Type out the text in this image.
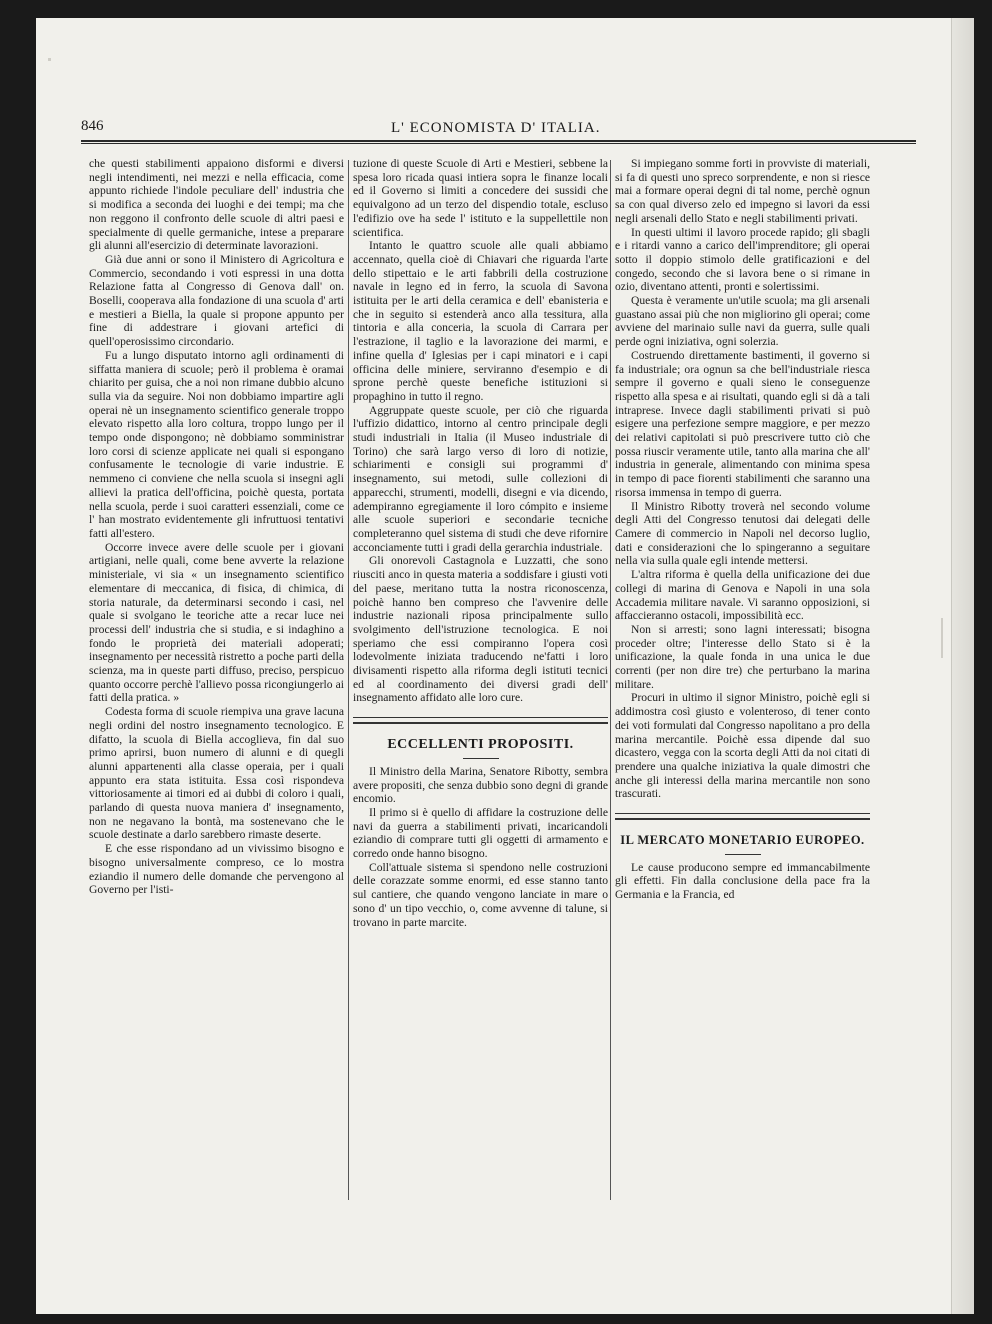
846	L' ECONOMISTA D' ITALIA.

che questi stabilimenti appaiono disformi e diversi negli intendimenti, nei mezzi e nella efficacia, come appunto richiede l'indole peculiare dell' industria che si modifica a seconda dei luoghi e dei tempi; ma che non reggono il confronto delle scuole di altri paesi e specialmente di quelle germaniche, intese a preparare gli alunni all'esercizio di determinate lavorazioni.

Già due anni or sono il Ministero di Agricoltura e Commercio, secondando i voti espressi in una dotta Relazione fatta al Congresso di Genova dall' on. Boselli, cooperava alla fondazione di una scuola d' arti e mestieri a Biella, la quale si propone appunto per fine di addestrare i giovani artefici di quell'operosissimo circondario.

Fu a lungo disputato intorno agli ordinamenti di siffatta maniera di scuole; però il problema è oramai chiarito per guisa, che a noi non rimane dubbio alcuno sulla via da seguire. Noi non dobbiamo impartire agli operai nè un insegnamento scientifico generale troppo elevato rispetto alla loro coltura, troppo lungo per il tempo onde dispongono; nè dobbiamo somministrar loro corsi di scienze applicate nei quali si espongano confusamente le tecnologie di varie industrie. E nemmeno ci conviene che nella scuola si insegni agli allievi la pratica dell'officina, poichè questa, portata nella scuola, perde i suoi caratteri essenziali, come ce l' han mostrato evidentemente gli infruttuosi tentativi fatti all'estero.

Occorre invece avere delle scuole per i giovani artigiani, nelle quali, come bene avverte la relazione ministeriale, vi sia « un insegnamento scientifico elementare di meccanica, di fisica, di chimica, di storia naturale, da determinarsi secondo i casi, nel quale si svolgano le teoriche atte a recar luce nei processi dell' industria che si studia, e si indaghino a fondo le proprietà dei materiali adoperati; insegnamento per necessità ristretto a poche parti della scienza, ma in queste parti diffuso, preciso, perspicuo quanto occorre perchè l'allievo possa ricongiungerlo ai fatti della pratica. »

Codesta forma di scuole riempiva una grave lacuna negli ordini del nostro insegnamento tecnologico. E difatto, la scuola di Biella accoglieva, fin dal suo primo aprirsi, buon numero di alunni e di quegli alunni appartenenti alla classe operaia, per i quali appunto era stata istituita. Essa così rispondeva vittoriosamente ai timori ed ai dubbi di coloro i quali, parlando di questa nuova maniera d' insegnamento, non ne negavano la bontà, ma sostenevano che le scuole destinate a darlo sarebbero rimaste deserte.

E che esse rispondano ad un vivissimo bisogno e bisogno universalmente compreso, ce lo mostra eziandio il numero delle domande che pervengono al Governo per l'isti-

tuzione di queste Scuole di Arti e Mestieri, sebbene la spesa loro ricada quasi intiera sopra le finanze locali ed il Governo si limiti a concedere dei sussidi che equivalgono ad un terzo del dispendio totale, escluso l'edifizio ove ha sede l' istituto e la suppellettile non scientifica.

Intanto le quattro scuole alle quali abbiamo accennato, quella cioè di Chiavari che riguarda l'arte dello stipettaio e le arti fabbrili della costruzione navale in legno ed in ferro, la scuola di Savona istituita per le arti della ceramica e dell' ebanisteria e che in seguito si estenderà anco alla tessitura, alla tintoria e alla conceria, la scuola di Carrara per l'estrazione, il taglio e la lavorazione dei marmi, e infine quella d' Iglesias per i capi minatori e i capi officina delle miniere, serviranno d'esempio e di sprone perchè queste benefiche istituzioni si propaghino in tutto il regno.

Aggruppate queste scuole, per ciò che riguarda l'uffizio didattico, intorno al centro principale degli studi industriali in Italia (il Museo industriale di Torino) che sarà largo verso di loro di notizie, schiarimenti e consigli sui programmi d' insegnamento, sui metodi, sulle collezioni di apparecchi, strumenti, modelli, disegni e via dicendo, adempiranno egregiamente il loro cómpito e insieme alle scuole superiori e secondarie tecniche completeranno quel sistema di studi che deve rifornire acconciamente tutti i gradi della gerarchia industriale.

Gli onorevoli Castagnola e Luzzatti, che sono riusciti anco in questa materia a soddisfare i giusti voti del paese, meritano tutta la nostra riconoscenza, poichè hanno ben compreso che l'avvenire delle industrie nazionali riposa principalmente sullo svolgimento dell'istruzione tecnologica. E noi speriamo che essi compiranno l'opera così lodevolmente iniziata traducendo ne'fatti i loro divisamenti rispetto alla riforma degli istituti tecnici ed al coordinamento dei diversi gradi dell' insegnamento affidato alle loro cure.

ECCELLENTI PROPOSITI.

Il Ministro della Marina, Senatore Ribotty, sembra avere propositi, che senza dubbio sono degni di grande encomio.

Il primo si è quello di affidare la costruzione delle navi da guerra a stabilimenti privati, incaricandoli eziandio di comprare tutti gli oggetti di armamento e corredo onde hanno bisogno.

Coll'attuale sistema si spendono nelle costruzioni delle corazzate somme enormi, ed esse stanno tanto sul cantiere, che quando vengono lanciate in mare o sono d' un tipo vecchio, o, come avvenne di talune, si trovano in parte marcite.

Si impiegano somme forti in provviste di materiali, si fa di questi uno spreco sorprendente, e non si riesce mai a formare operai degni di tal nome, perchè ognun sa con qual diverso zelo ed impegno si lavori da essi negli arsenali dello Stato e negli stabilimenti privati.

In questi ultimi il lavoro procede rapido; gli sbagli e i ritardi vanno a carico dell'imprenditore; gli operai sotto il doppio stimolo delle gratificazioni e del congedo, secondo che si lavora bene o si rimane in ozio, diventano attenti, pronti e solertissimi.

Questa è veramente un'utile scuola; ma gli arsenali guastano assai più che non migliorino gli operai; come avviene del marinaio sulle navi da guerra, sulle quali perde ogni iniziativa, ogni solerzia.

Costruendo direttamente bastimenti, il governo si fa industriale; ora ognun sa che bell'industriale riesca sempre il governo e quali sieno le conseguenze rispetto alla spesa e ai risultati, quando egli si dà a tali intraprese. Invece dagli stabilimenti privati si può esigere una perfezione sempre maggiore, e per mezzo dei relativi capitolati si può prescrivere tutto ciò che possa riuscir veramente utile, tanto alla marina che all' industria in generale, alimentando con minima spesa in tempo di pace fiorenti stabilimenti che saranno una risorsa immensa in tempo di guerra.

Il Ministro Ribotty troverà nel secondo volume degli Atti del Congresso tenutosi dai delegati delle Camere di commercio in Napoli nel decorso luglio, dati e considerazioni che lo spingeranno a seguitare nella via sulla quale egli intende mettersi.

L'altra riforma è quella della unificazione dei due collegi di marina di Genova e Napoli in una sola Accademia militare navale. Vi saranno opposizioni, si affaccieranno ostacoli, impossibilità ecc.

Non si arresti; sono lagni interessati; bisogna proceder oltre; l'interesse dello Stato si è la unificazione, la quale fonda in una unica le due correnti (per non dire tre) che perturbano la marina militare.

Procuri in ultimo il signor Ministro, poichè egli si addimostra così giusto e volenteroso, di tener conto dei voti formulati dal Congresso napolitano a pro della marina mercantile. Poichè essa dipende dal suo dicastero, vegga con la scorta degli Atti da noi citati di prendere una qualche iniziativa la quale dimostri che anche gli interessi della marina mercantile non sono trascurati.

IL MERCATO MONETARIO EUROPEO.

Le cause producono sempre ed immancabilmente gli effetti. Fin dalla conclusione della pace fra la Germania e la Francia, ed
